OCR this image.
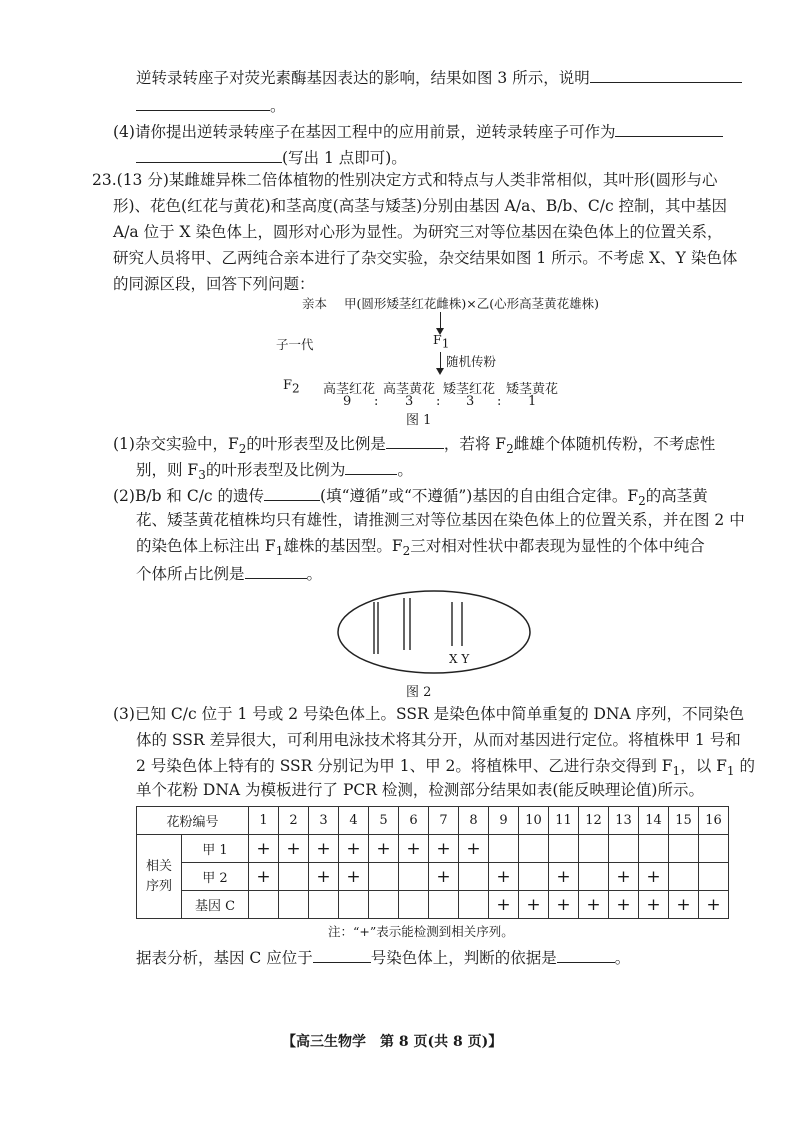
逆转录转座子对荧光素酶基因表达的影响，结果如图 3 所示，说明
。
(4)请你提出逆转录转座子在基因工程中的应用前景，逆转录转座子可作为
(写出 1 点即可)。
23.(13 分)某雌雄异株二倍体植物的性别决定方式和特点与人类非常相似，其叶形(圆形与心
形)、花色(红花与黄花)和茎高度(高茎与矮茎)分别由基因 A/a、B/b、C/c 控制，其中基因
A/a 位于 X 染色体上，圆形对心形为显性。为研究三对等位基因在染色体上的位置关系，
研究人员将甲、乙两纯合亲本进行了杂交实验，杂交结果如图 1 所示。不考虑 X、Y 染色体
的同源区段，回答下列问题：
亲本 甲(圆形矮茎红花雌株)×乙(心形高茎黄花雄株)
子一代	$F_1$
随机传粉
$F_2$ 高茎红花 高茎黄花 矮茎红花 矮茎黄花
9 : 3 : 3 : 1
图 1
(1)杂交实验中，$F_2$的叶形表型及比例是	，若将 $F_2$雌雄个体随机传粉，不考虑性
别，则 $F_3$的叶形表型及比例为	。
(2)B/b 和 C/c 的遗传	(填“遵循”或“不遵循”)基因的自由组合定律。$F_2$的高茎黄
花、矮茎黄花植株均只有雄性，请推测三对等位基因在染色体上的位置关系，并在图 2 中
的染色体上标注出 $F_1$雄株的基因型。$F_2$三对相对性状中都表现为显性的个体中纯合
个体所占比例是	。
X Y
图 2
(3)已知 C/c 位于 1 号或 2 号染色体上。SSR 是染色体中简单重复的 DNA 序列，不同染色
体的 SSR 差异很大，可利用电泳技术将其分开，从而对基因进行定位。将植株甲 1 号和
2 号染色体上特有的 SSR 分别记为甲 1、甲 2。将植株甲、乙进行杂交得到 $F_1$，以 $F_1$ 的
单个花粉 DNA 为模板进行了 PCR 检测，检测部分结果如表(能反映理论值)所示。
花粉编号		1	2	3	4	5	6	7	8	9	10	11	12	13	14	15	16
相关
序列	甲 1	+	+	+	+	+	+	+	+								
	甲 2	+		+	+			+		+		+		+	+		
	基因 C									+	+	+	+	+	+	+	+
注：“+”表示能检测到相关序列。
据表分析，基因 C 应位于	号染色体上，判断的依据是	。
【高三生物学　第 8 页(共 8 页)】
